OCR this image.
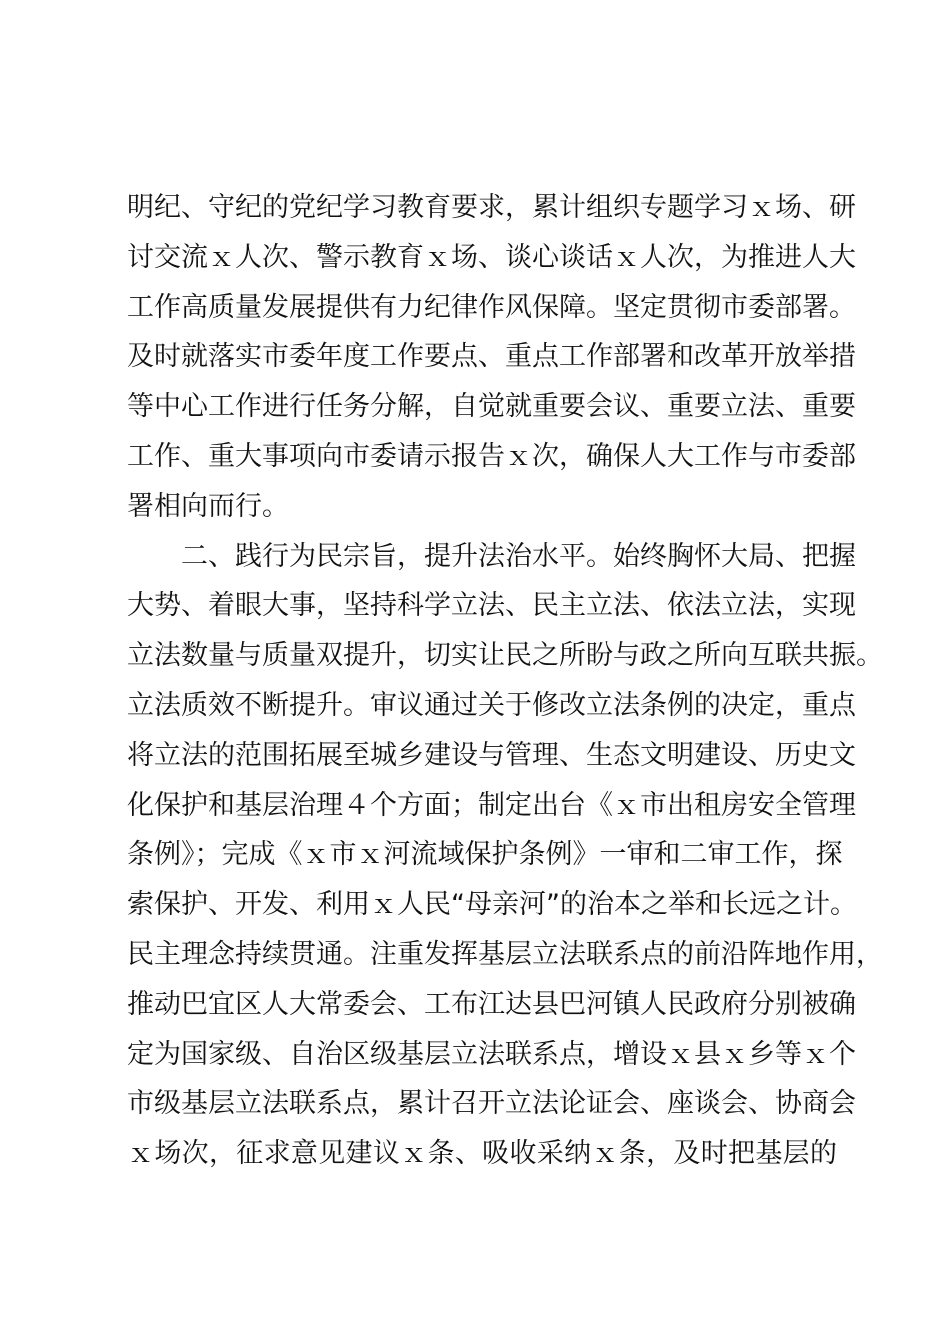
明纪、守纪的党纪学习教育要求，累计组织专题学习ｘ场、研
讨交流ｘ人次、警示教育ｘ场、谈心谈话ｘ人次，为推进人大
工作高质量发展提供有力纪律作风保障。坚定贯彻市委部署。
及时就落实市委年度工作要点、重点工作部署和改革开放举措
等中心工作进行任务分解，自觉就重要会议、重要立法、重要
工作、重大事项向市委请示报告ｘ次，确保人大工作与市委部
署相向而行。
二、践行为民宗旨，提升法治水平。始终胸怀大局、把握
大势、着眼大事，坚持科学立法、民主立法、依法立法，实现
立法数量与质量双提升，切实让民之所盼与政之所向互联共振。
立法质效不断提升。审议通过关于修改立法条例的决定，重点
将立法的范围拓展至城乡建设与管理、生态文明建设、历史文
化保护和基层治理４个方面；制定出台《ｘ市出租房安全管理
条例》；完成《ｘ市ｘ河流域保护条例》一审和二审工作，探
索保护、开发、利用ｘ人民“母亲河”的治本之举和长远之计。
民主理念持续贯通。注重发挥基层立法联系点的前沿阵地作用，
推动巴宜区人大常委会、工布江达县巴河镇人民政府分别被确
定为国家级、自治区级基层立法联系点，增设ｘ县ｘ乡等ｘ个
市级基层立法联系点，累计召开立法论证会、座谈会、协商会
ｘ场次，征求意见建议ｘ条、吸收采纳ｘ条，及时把基层的
